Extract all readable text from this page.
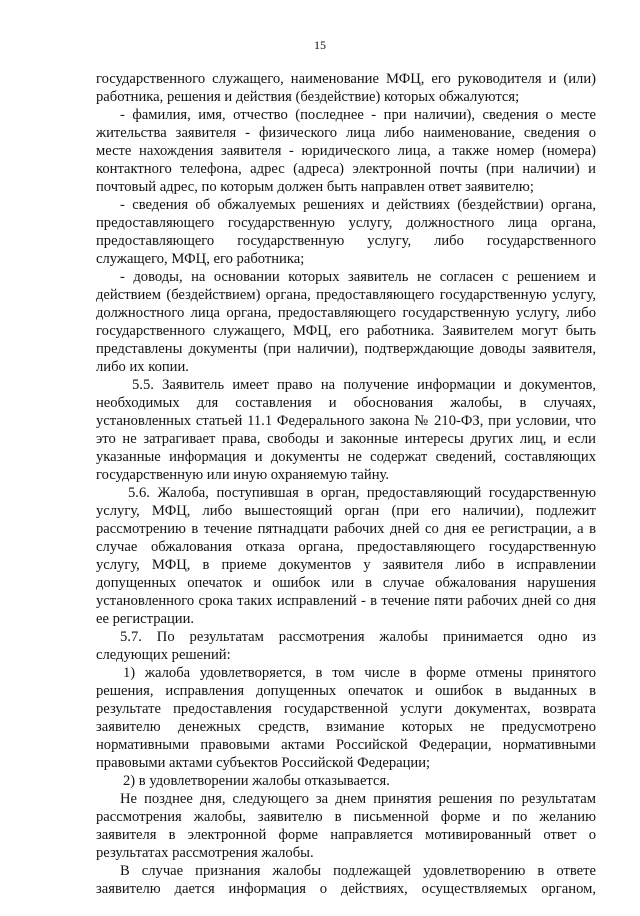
15
государственного служащего, наименование МФЦ, его руководителя и (или)
работника, решения и действия (бездействие) которых обжалуются;
- фамилия, имя, отчество (последнее - при наличии), сведения о месте
жительства заявителя - физического лица либо наименование, сведения о
месте нахождения заявителя - юридического лица, а также номер (номера)
контактного телефона, адрес (адреса) электронной почты (при наличии) и
почтовый адрес, по которым должен быть направлен ответ заявителю;
- сведения об обжалуемых решениях и действиях (бездействии) органа,
предоставляющего государственную услугу, должностного лица органа,
предоставляющего государственную услугу, либо государственного
служащего, МФЦ, его работника;
- доводы, на основании которых заявитель не согласен с решением и
действием (бездействием) органа, предоставляющего государственную услугу,
должностного лица органа, предоставляющего государственную услугу, либо
государственного служащего, МФЦ, его работника. Заявителем могут быть
представлены документы (при наличии), подтверждающие доводы заявителя,
либо их копии.
5.5. Заявитель имеет право на получение информации и документов,
необходимых для составления и обоснования жалобы, в случаях,
установленных статьей 11.1 Федерального закона № 210-ФЗ, при условии, что
это не затрагивает права, свободы и законные интересы других лиц, и если
указанные информация и документы не содержат сведений, составляющих
государственную или иную охраняемую тайну.
5.6. Жалоба, поступившая в орган, предоставляющий государственную
услугу, МФЦ, либо вышестоящий орган (при его наличии), подлежит
рассмотрению в течение пятнадцати рабочих дней со дня ее регистрации, а в
случае обжалования отказа органа, предоставляющего государственную
услугу, МФЦ, в приеме документов у заявителя либо в исправлении
допущенных опечаток и ошибок или в случае обжалования нарушения
установленного срока таких исправлений - в течение пяти рабочих дней со дня
ее регистрации.
5.7. По результатам рассмотрения жалобы принимается одно из
следующих решений:
1) жалоба удовлетворяется, в том числе в форме отмены принятого
решения, исправления допущенных опечаток и ошибок в выданных в
результате предоставления государственной услуги документах, возврата
заявителю денежных средств, взимание которых не предусмотрено
нормативными правовыми актами Российской Федерации, нормативными
правовыми актами субъектов Российской Федерации;
2) в удовлетворении жалобы отказывается.
Не позднее дня, следующего за днем принятия решения по результатам
рассмотрения жалобы, заявителю в письменной форме и по желанию
заявителя в электронной форме направляется мотивированный ответ о
результатах рассмотрения жалобы.
В случае признания жалобы подлежащей удовлетворению в ответе
заявителю дается информация о действиях, осуществляемых органом,
